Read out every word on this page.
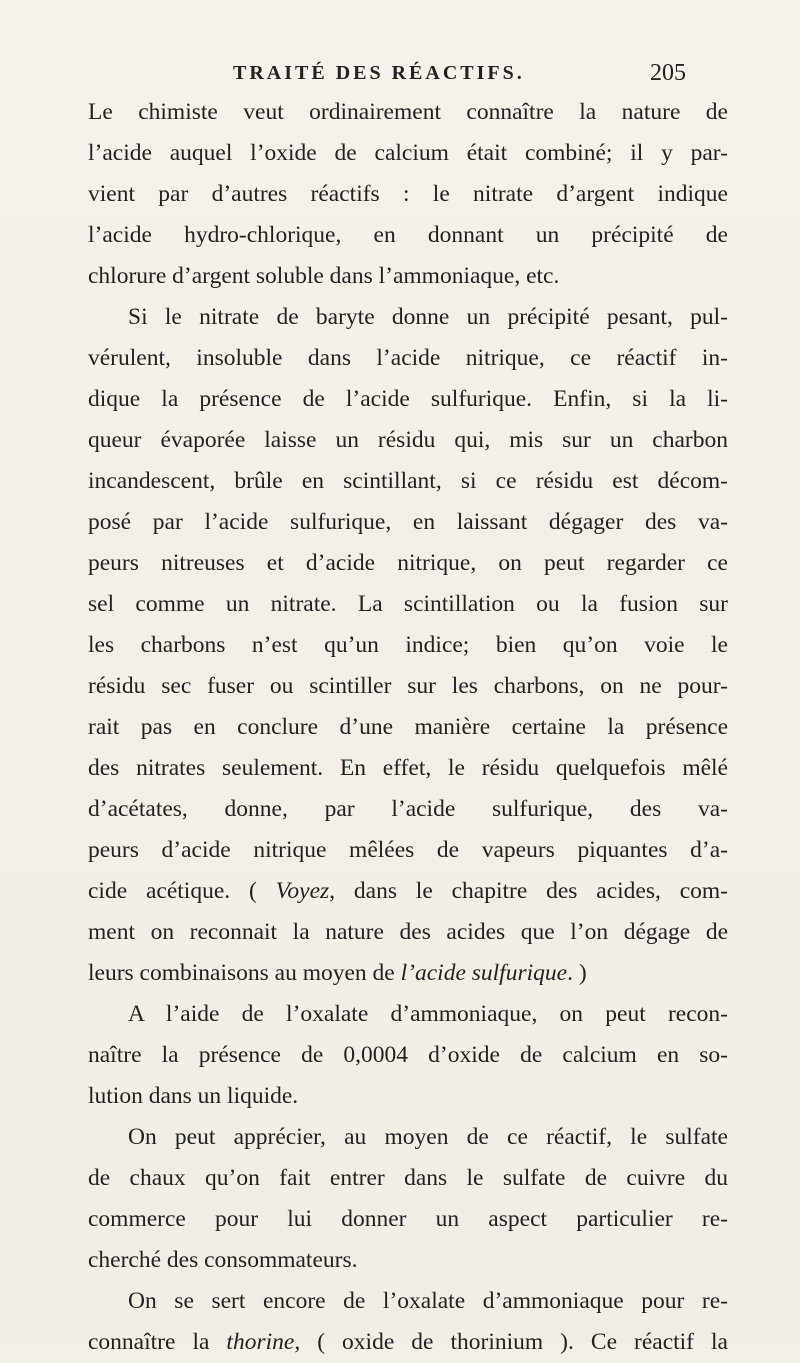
TRAITÉ DES RÉACTIFS.	205
Le chimiste veut ordinairement connaître la nature de
l’acide auquel l’oxide de calcium était combiné; il y par-
vient par d’autres réactifs : le nitrate d’argent indique
l’acide hydro-chlorique, en donnant un précipité de
chlorure d’argent soluble dans l’ammoniaque, etc.
Si le nitrate de baryte donne un précipité pesant, pul-
vérulent, insoluble dans l’acide nitrique, ce réactif in-
dique la présence de l’acide sulfurique. Enfin, si la li-
queur évaporée laisse un résidu qui, mis sur un charbon
incandescent, brûle en scintillant, si ce résidu est décom-
posé par l’acide sulfurique, en laissant dégager des va-
peurs nitreuses et d’acide nitrique, on peut regarder ce
sel comme un nitrate. La scintillation ou la fusion sur
les charbons n’est qu’un indice; bien qu’on voie le
résidu sec fuser ou scintiller sur les charbons, on ne pour-
rait pas en conclure d’une manière certaine la présence
des nitrates seulement. En effet, le résidu quelquefois mêlé
d’acétates, donne, par l’acide sulfurique, des va-
peurs d’acide nitrique mêlées de vapeurs piquantes d’a-
cide acétique. ( Voyez, dans le chapitre des acides, com-
ment on reconnait la nature des acides que l’on dégage de
leurs combinaisons au moyen de l’acide sulfurique. )
A l’aide de l’oxalate d’ammoniaque, on peut recon-
naître la présence de 0,0004 d’oxide de calcium en so-
lution dans un liquide.
On peut apprécier, au moyen de ce réactif, le sulfate
de chaux qu’on fait entrer dans le sulfate de cuivre du
commerce pour lui donner un aspect particulier re-
cherché des consommateurs.
On se sert encore de l’oxalate d’ammoniaque pour re-
connaître la thorine, ( oxide de thorinium ). Ce réactif la
